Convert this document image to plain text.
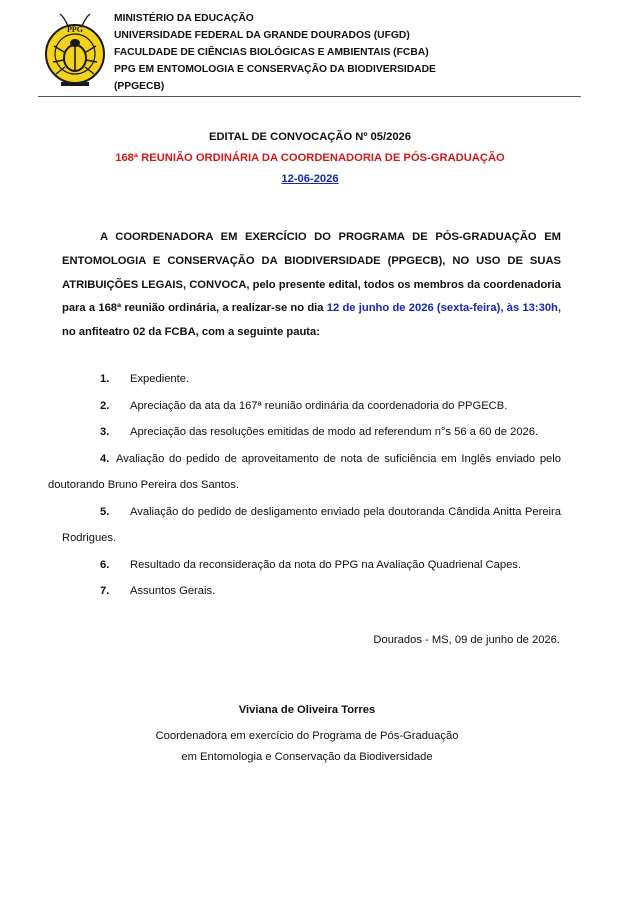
PPG
MINISTÉRIO DA EDUCAÇÃO
UNIVERSIDADE FEDERAL DA GRANDE DOURADOS (UFGD)
FACULDADE DE CIÊNCIAS BIOLÓGICAS E AMBIENTAIS (FCBA)
PPG EM ENTOMOLOGIA E CONSERVAÇÃO DA BIODIVERSIDADE
(PPGECB)
EDITAL DE CONVOCAÇÃO Nº 05/2026
168ª REUNIÃO ORDINÁRIA DA COORDENADORIA DE PÓS-GRADUAÇÃO
12-06-2026

A COORDENADORA EM EXERCÍCIO DO PROGRAMA DE PÓS-GRADUAÇÃO EM ENTOMOLOGIA E CONSERVAÇÃO DA BIODIVERSIDADE (PPGECB), NO USO DE SUAS ATRIBUIÇÕES LEGAIS, CONVOCA, pelo presente edital, todos os membros da coordenadoria para a 168ª reunião ordinária, a realizar-se no dia 12 de junho de 2026 (sexta-feira), às 13:30h, no anfiteatro 02 da FCBA, com a seguinte pauta:

1. Expediente.
2. Apreciação da ata da 167ª reunião ordinária da coordenadoria do PPGECB.
3. Apreciação das resoluções emitidas de modo ad referendum n°s 56 a 60 de 2026.
4. Avaliação do pedido de aproveitamento de nota de suficiência em Inglês enviado pelo doutorando Bruno Pereira dos Santos.
5. Avaliação do pedido de desligamento enviado pela doutoranda Cândida Anitta Pereira Rodrigues.
6. Resultado da reconsideração da nota do PPG na Avaliação Quadrienal Capes.
7. Assuntos Gerais.
Dourados - MS, 09 de junho de 2026.
Viviana de Oliveira Torres
Coordenadora em exercício do Programa de Pós-Graduação
em Entomologia e Conservação da Biodiversidade
